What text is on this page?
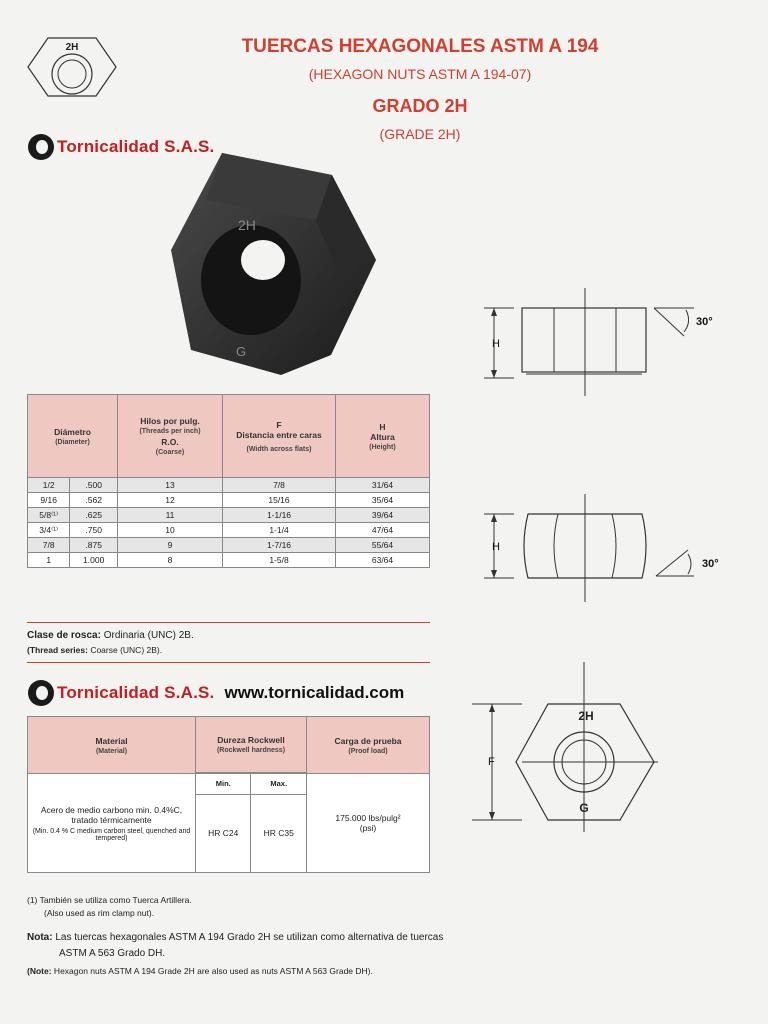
2H	TUERCAS HEXAGONALES ASTM A 194
(HEXAGON NUTS ASTM A 194-07)
GRADO 2H
(GRADE 2H)
Tornicalidad S.A.S.
2H
G	H
30°
H
30°
2H
G
F
Diámetro
(Diameter)		Hilos por pulg.
(Threads per inch)
R.O.
(Coarse)	F
Distancia entre caras
(Width across flats)	H
Altura
(Height)

1/2	.500	13	7/8	31/64
9/16	.562	12	15/16	35/64
5/8⁽¹⁾	.625	11	1-1/16	39/64
3/4⁽¹⁾	.750	10	1-1/4	47/64
7/8	.875	9	1-7/16	55/64
1	1.000	8	1-5/8	63/64
Clase de rosca: Ordinaria (UNC) 2B.
(Thread series: Coarse (UNC) 2B).
Tornicalidad S.A.S. www.tornicalidad.com
Material
(Material)	Dureza Rockwell
(Rockwell hardness)		Carga de prueba
(Proof load)

Acero de medio carbono min. 0.4%C, tratado térmicamente
(Min. 0.4 % C medium carbon steel, quenched and tempered)	Min.	Max.	175.000 lbs/pulg²
(psi)

	HR C24	HR C35	
(1) También se utiliza como Tuerca Artillera.
(Also used as rim clamp nut).
Nota: Las tuercas hexagonales ASTM A 194 Grado 2H se utilizan como alternativa de tuercas
ASTM A 563 Grado DH.
(Note: Hexagon nuts ASTM A 194 Grade 2H are also used as nuts ASTM A 563 Grade DH).
